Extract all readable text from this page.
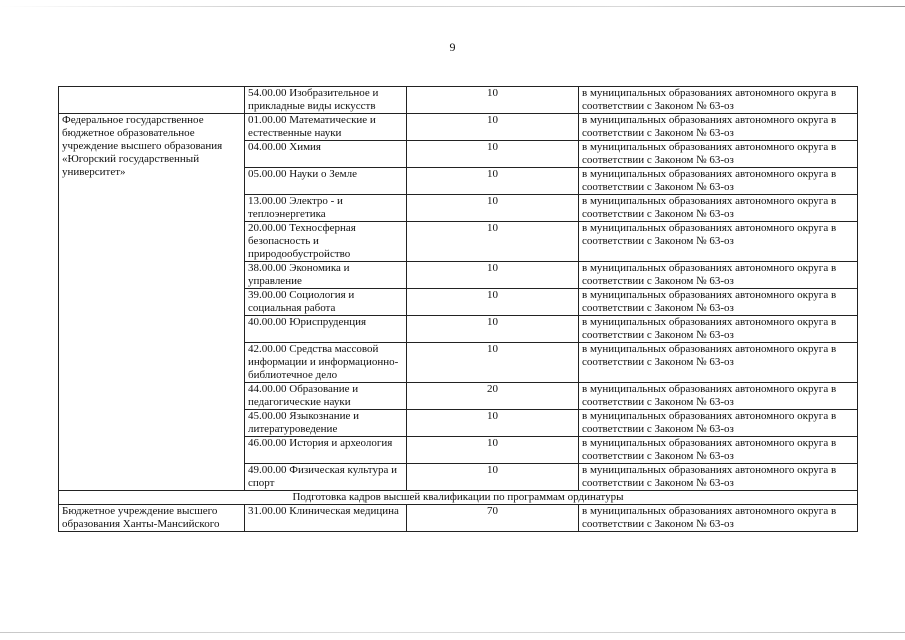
9
	54.00.00 Изобразительное и прикладные виды искусств	10	в муниципальных образованиях автономного округа в соответствии с Законом № 63-оз
Федеральное государственное бюджетное образовательное учреждение высшего образования «Югорский государственный университет»	01.00.00 Математические и естественные науки	10	в муниципальных образованиях автономного округа в соответствии с Законом № 63-оз
	04.00.00 Химия	10	в муниципальных образованиях автономного округа в соответствии с Законом № 63-оз
	05.00.00 Науки о Земле	10	в муниципальных образованиях автономного округа в соответствии с Законом № 63-оз
	13.00.00 Электро - и теплоэнергетика	10	в муниципальных образованиях автономного округа в соответствии с Законом № 63-оз
	20.00.00 Техносферная безопасность и природообустройство	10	в муниципальных образованиях автономного округа в соответствии с Законом № 63-оз
	38.00.00 Экономика и управление	10	в муниципальных образованиях автономного округа в соответствии с Законом № 63-оз
	39.00.00 Социология и социальная работа	10	в муниципальных образованиях автономного округа в соответствии с Законом № 63-оз
	40.00.00 Юриспруденция	10	в муниципальных образованиях автономного округа в соответствии с Законом № 63-оз
	42.00.00 Средства массовой информации и информационно-библиотечное дело	10	в муниципальных образованиях автономного округа в соответствии с Законом № 63-оз
	44.00.00 Образование и педагогические науки	20	в муниципальных образованиях автономного округа в соответствии с Законом № 63-оз
	45.00.00 Языкознание и литературоведение	10	в муниципальных образованиях автономного округа в соответствии с Законом № 63-оз
	46.00.00 История и археология	10	в муниципальных образованиях автономного округа в соответствии с Законом № 63-оз
	49.00.00 Физическая культура и спорт	10	в муниципальных образованиях автономного округа в соответствии с Законом № 63-оз
Подготовка кадров высшей квалификации по программам ординатуры			
Бюджетное учреждение высшего образования Ханты-Мансийского	31.00.00 Клиническая медицина	70	в муниципальных образованиях автономного округа в соответствии с Законом № 63-оз
